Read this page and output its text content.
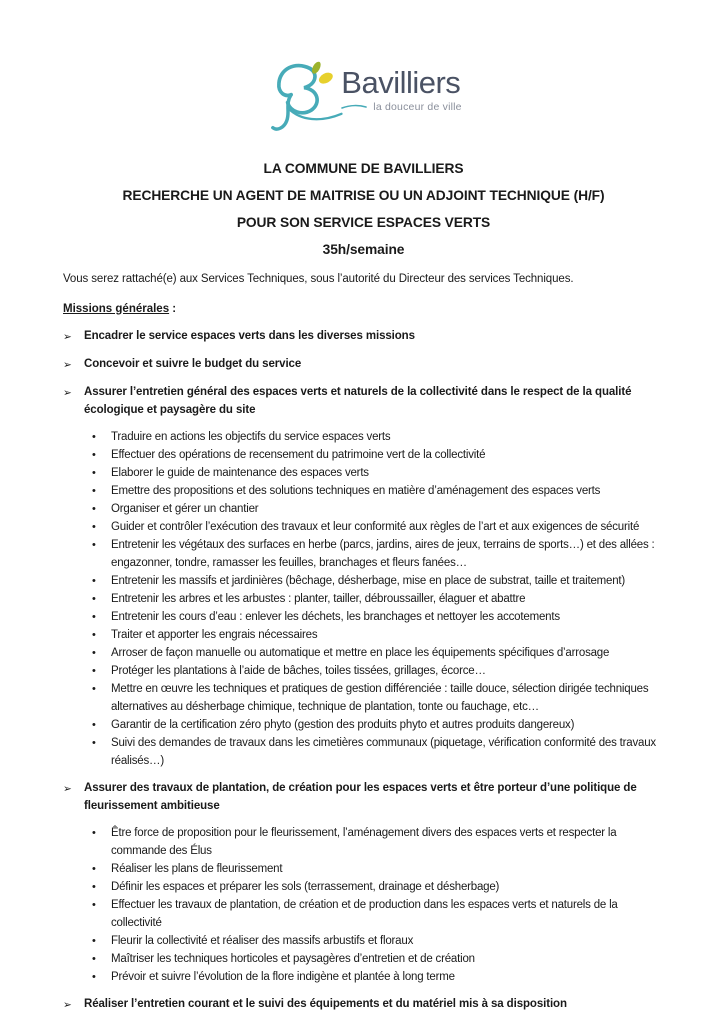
Bavilliers
la douceur de ville
LA COMMUNE DE BAVILLIERS
RECHERCHE UN AGENT DE MAITRISE OU UN ADJOINT TECHNIQUE (H/F)
POUR SON SERVICE ESPACES VERTS
35h/semaine

Vous serez rattaché(e) aux Services Techniques, sous l’autorité du Directeur des services Techniques.

Missions générales :
➢	Encadrer le service espaces verts dans les diverses missions
➢	Concevoir et suivre le budget du service
➢	Assurer l’entretien général des espaces verts et naturels de la collectivité dans le respect de la qualité écologique et paysagère du site
•	Traduire en actions les objectifs du service espaces verts
•	Effectuer des opérations de recensement du patrimoine vert de la collectivité
•	Elaborer le guide de maintenance des espaces verts
•	Emettre des propositions et des solutions techniques en matière d’aménagement des espaces verts
•	Organiser et gérer un chantier
•	Guider et contrôler l’exécution des travaux et leur conformité aux règles de l’art et aux exigences de sécurité
•	Entretenir les végétaux des surfaces en herbe (parcs, jardins, aires de jeux, terrains de sports…) et des allées : engazonner, tondre, ramasser les feuilles, branchages et fleurs fanées…
•	Entretenir les massifs et jardinières (bêchage, désherbage, mise en place de substrat, taille et traitement)
•	Entretenir les arbres et les arbustes : planter, tailler, débroussailler, élaguer et abattre
•	Entretenir les cours d’eau : enlever les déchets, les branchages et nettoyer les accotements
•	Traiter et apporter les engrais nécessaires
•	Arroser de façon manuelle ou automatique et mettre en place les équipements spécifiques d’arrosage
•	Protéger les plantations à l’aide de bâches, toiles tissées, grillages, écorce…
•	Mettre en œuvre les techniques et pratiques de gestion différenciée : taille douce, sélection dirigée techniques alternatives au désherbage chimique, technique de plantation, tonte ou fauchage, etc…
•	Garantir de la certification zéro phyto (gestion des produits phyto et autres produits dangereux)
•	Suivi des demandes de travaux dans les cimetières communaux (piquetage, vérification conformité des travaux réalisés…)
➢	Assurer des travaux de plantation, de création pour les espaces verts et être porteur d’une politique de fleurissement ambitieuse
•	Être force de proposition pour le fleurissement, l’aménagement divers des espaces verts et respecter la commande des Élus
•	Réaliser les plans de fleurissement
•	Définir les espaces et préparer les sols (terrassement, drainage et désherbage)
•	Effectuer les travaux de plantation, de création et de production dans les espaces verts et naturels de la collectivité
•	Fleurir la collectivité et réaliser des massifs arbustifs et floraux
•	Maîtriser les techniques horticoles et paysagères d’entretien et de création
•	Prévoir et suivre l’évolution de la flore indigène et plantée à long terme
➢	Réaliser l’entretien courant et le suivi des équipements et du matériel mis à sa disposition
